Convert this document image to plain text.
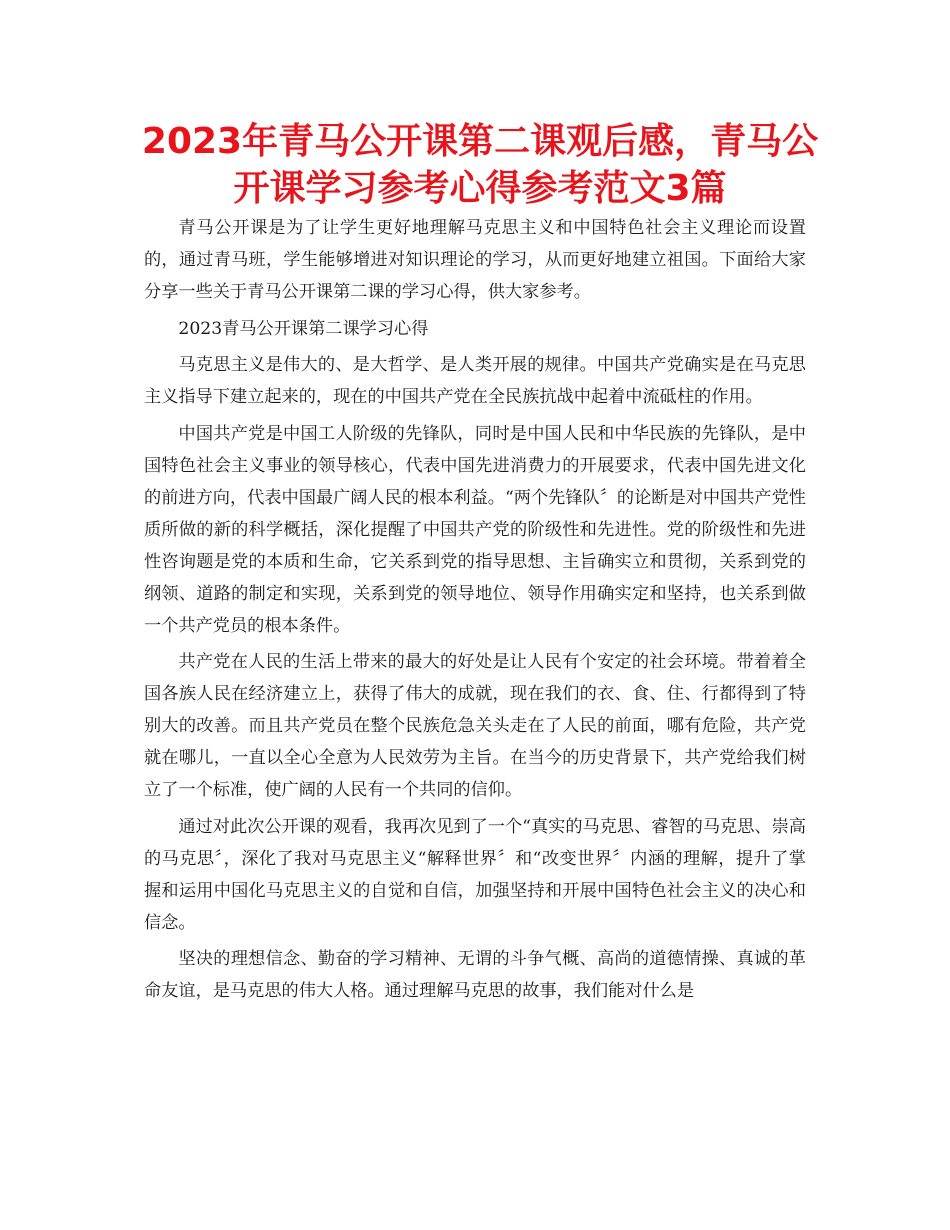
2023年青马公开课第二课观后感，青马公开课学习参考心得参考范文3篇

青马公开课是为了让学生更好地理解马克思主义和中国特色社会主义理论而设置的，通过青马班，学生能够增进对知识理论的学习，从而更好地建立祖国。下面给大家分享一些关于青马公开课第二课的学习心得，供大家参考。

2023青马公开课第二课学习心得

马克思主义是伟大的、是大哲学、是人类开展的规律。中国共产党确实是在马克思主义指导下建立起来的，现在的中国共产党在全民族抗战中起着中流砥柱的作用。

中国共产党是中国工人阶级的先锋队，同时是中国人民和中华民族的先锋队，是中国特色社会主义事业的领导核心，代表中国先进消费力的开展要求，代表中国先进文化的前进方向，代表中国最广阔人民的根本利益。“两个先锋队〞的论断是对中国共产党性质所做的新的科学概括，深化提醒了中国共产党的阶级性和先进性。党的阶级性和先进性咨询题是党的本质和生命，它关系到党的指导思想、主旨确实立和贯彻，关系到党的纲领、道路的制定和实现，关系到党的领导地位、领导作用确实定和坚持，也关系到做一个共产党员的根本条件。

共产党在人民的生活上带来的最大的好处是让人民有个安定的社会环境。带着着全国各族人民在经济建立上，获得了伟大的成就，现在我们的衣、食、住、行都得到了特别大的改善。而且共产党员在整个民族危急关头走在了人民的前面，哪有危险，共产党就在哪儿，一直以全心全意为人民效劳为主旨。在当今的历史背景下，共产党给我们树立了一个标准，使广阔的人民有一个共同的信仰。

通过对此次公开课的观看，我再次见到了一个“真实的马克思、睿智的马克思、崇高的马克思〞，深化了我对马克思主义“解释世界〞和“改变世界〞内涵的理解，提升了掌握和运用中国化马克思主义的自觉和自信，加强坚持和开展中国特色社会主义的决心和信念。

坚决的理想信念、勤奋的学习精神、无谓的斗争气概、高尚的道德情操、真诚的革命友谊，是马克思的伟大人格。通过理解马克思的故事，我们能对什么是
